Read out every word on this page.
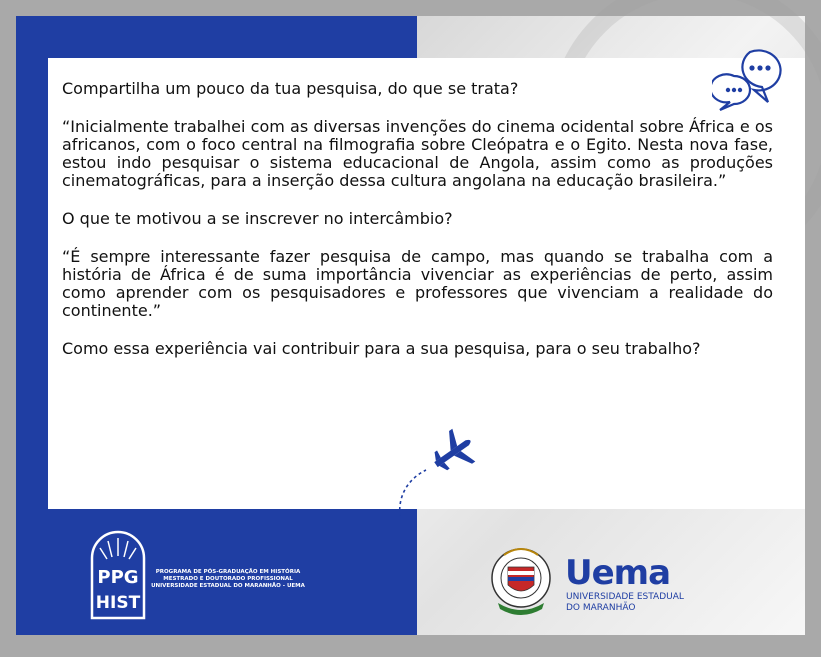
Compartilha um pouco da tua pesquisa, do que se trata?

“Inicialmente trabalhei com as diversas invenções do cinema ocidental sobre África e os africanos, com o foco central na filmografia sobre Cleópatra e o Egito. Nesta nova fase, estou indo pesquisar o sistema educacional de Angola, assim como as produções cinematográficas, para a inserção dessa cultura angolana na educação brasileira.”

O que te motivou a se inscrever no intercâmbio?

“É sempre interessante fazer pesquisa de campo, mas quando se trabalha com a história de África é de suma importância vivenciar as experiências de perto, assim como aprender com os pesquisadores e professores que vivenciam a realidade do continente.”

Como essa experiência vai contribuir para a sua pesquisa, para o seu trabalho?

PPG
HIST
PROGRAMA DE PÓS-GRADUAÇÃO EM HISTÓRIA
MESTRADO E DOUTORADO PROFISSIONAL
UNIVERSIDADE ESTADUAL DO MARANHÃO - UEMA	Uema
UNIVERSIDADE ESTADUAL
DO MARANHÃO
